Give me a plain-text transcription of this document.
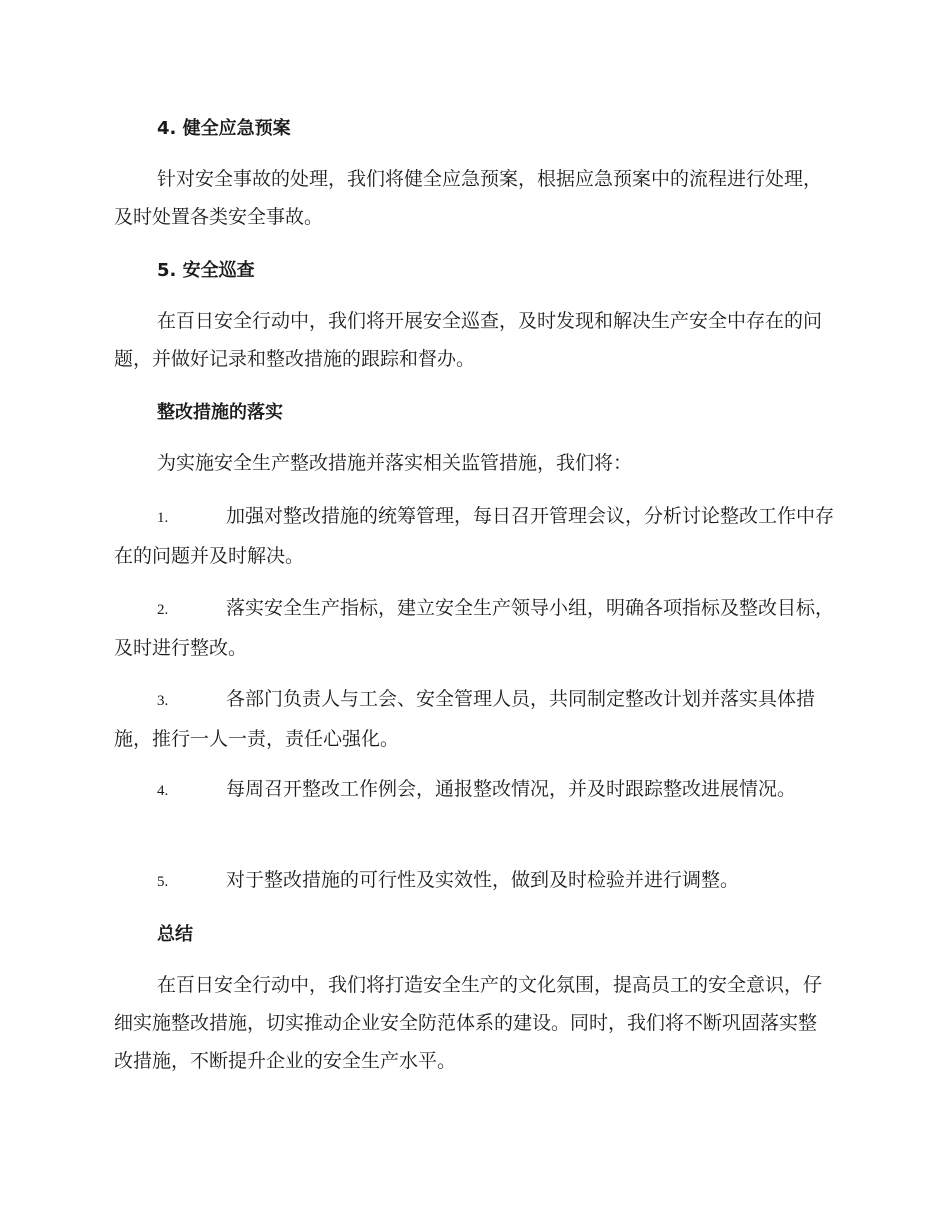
4. 健全应急预案
针对安全事故的处理，我们将健全应急预案，根据应急预案中的流程进行处理，及时处置各类安全事故。
5. 安全巡查
在百日安全行动中，我们将开展安全巡查，及时发现和解决生产安全中存在的问题，并做好记录和整改措施的跟踪和督办。
整改措施的落实
为实施安全生产整改措施并落实相关监管措施，我们将：
1.	加强对整改措施的统筹管理，每日召开管理会议，分析讨论整改工作中存在的问题并及时解决。
2.	落实安全生产指标，建立安全生产领导小组，明确各项指标及整改目标，及时进行整改。
3.	各部门负责人与工会、安全管理人员，共同制定整改计划并落实具体措施，推行一人一责，责任心强化。
4.	每周召开整改工作例会，通报整改情况，并及时跟踪整改进展情况。
5.	对于整改措施的可行性及实效性，做到及时检验并进行调整。
总结
在百日安全行动中，我们将打造安全生产的文化氛围，提高员工的安全意识，仔细实施整改措施，切实推动企业安全防范体系的建设。同时，我们将不断巩固落实整改措施，不断提升企业的安全生产水平。
